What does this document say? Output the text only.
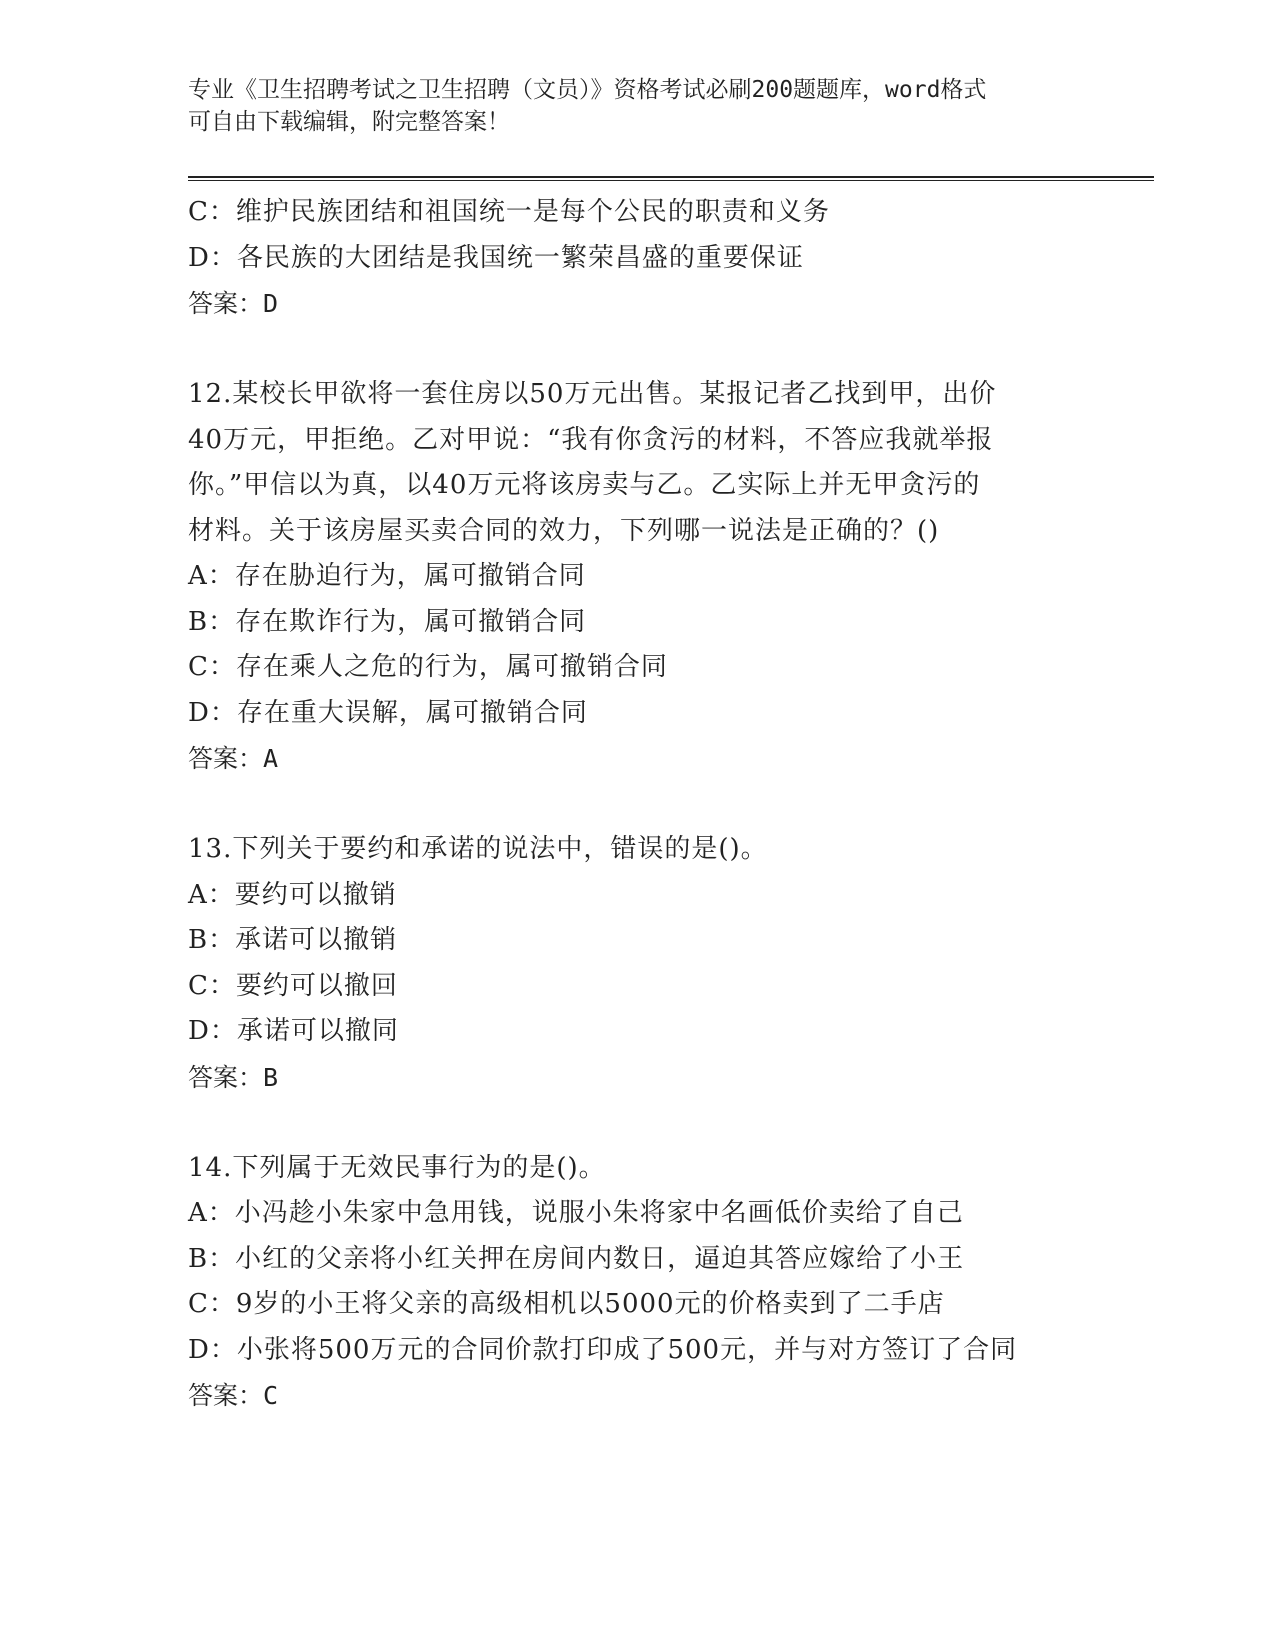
专业《卫生招聘考试之卫生招聘（文员）》资格考试必刷200题题库，word格式
可自由下载编辑，附完整答案！
C：维护民族团结和祖国统一是每个公民的职责和义务
D：各民族的大团结是我国统一繁荣昌盛的重要保证
答案：D
12.某校长甲欲将一套住房以50万元出售。某报记者乙找到甲，出价
40万元，甲拒绝。乙对甲说：“我有你贪污的材料，不答应我就举报
你。”甲信以为真，以40万元将该房卖与乙。乙实际上并无甲贪污的
材料。关于该房屋买卖合同的效力，下列哪一说法是正确的？()
A：存在胁迫行为，属可撤销合同
B：存在欺诈行为，属可撤销合同
C：存在乘人之危的行为，属可撤销合同
D：存在重大误解，属可撤销合同
答案：A
13.下列关于要约和承诺的说法中，错误的是()。
A：要约可以撤销
B：承诺可以撤销
C：要约可以撤回
D：承诺可以撤同
答案：B
14.下列属于无效民事行为的是()。
A：小冯趁小朱家中急用钱，说服小朱将家中名画低价卖给了自己
B：小红的父亲将小红关押在房间内数日，逼迫其答应嫁给了小王
C：9岁的小王将父亲的高级相机以5000元的价格卖到了二手店
D：小张将500万元的合同价款打印成了500元，并与对方签订了合同
答案：C
